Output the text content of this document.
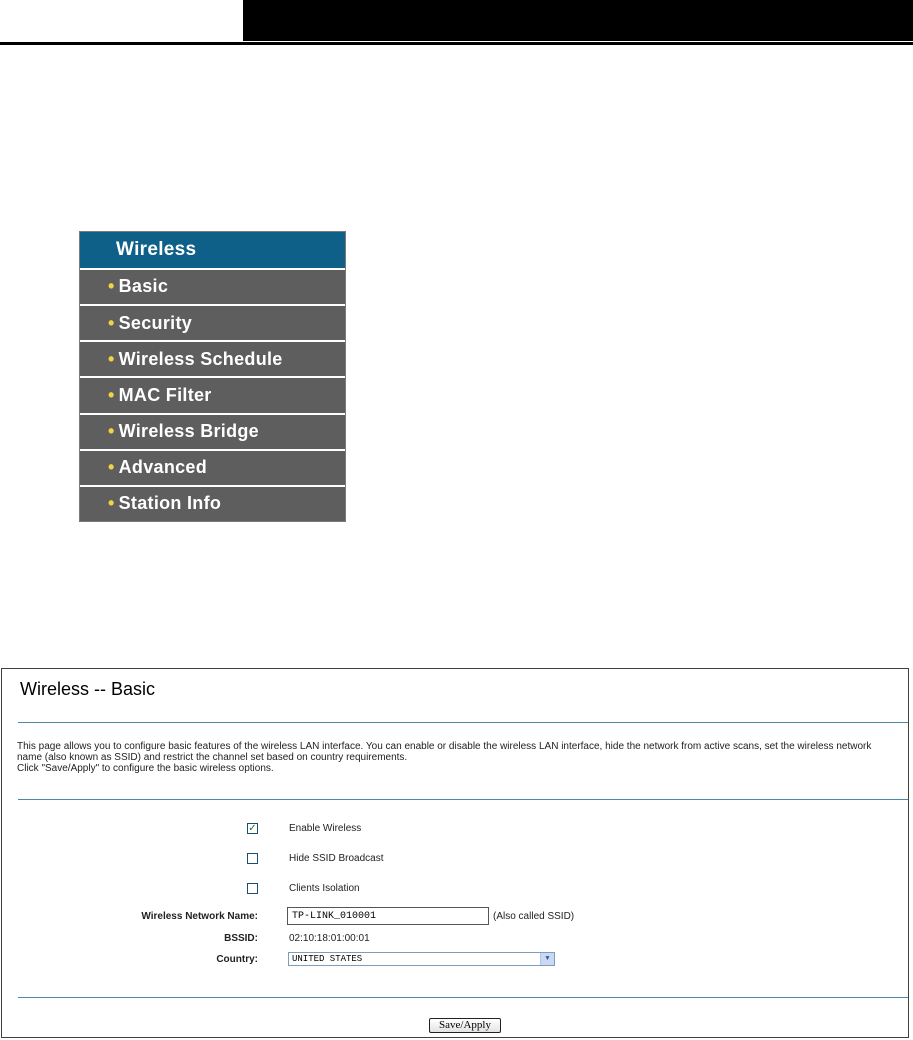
Wireless
• Basic
• Security
• Wireless Schedule
• MAC Filter
• Wireless Bridge
• Advanced
• Station Info
Wireless -- Basic
This page allows you to configure basic features of the wireless LAN interface. You can enable or disable the wireless LAN interface, hide the network from active scans, set the wireless network
name (also known as SSID) and restrict the channel set based on country requirements.
Click "Save/Apply" to configure the basic wireless options.
✓	Enable Wireless
Hide SSID Broadcast
Clients Isolation
Wireless Network Name:
TP-LINK_010001	(Also called SSID)
BSSID:	02:10:18:01:00:01
Country:	UNITED STATES	▼
Save/Apply
